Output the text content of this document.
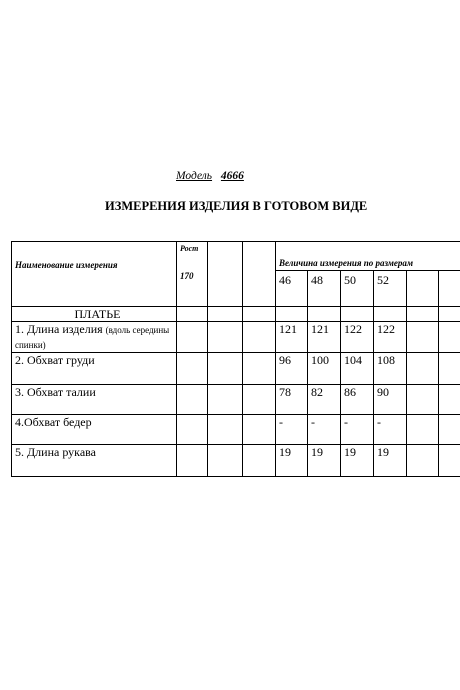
Модель 4666
ИЗМЕРЕНИЯ ИЗДЕЛИЯ В ГОТОВОМ ВИДЕ
Наименование измерения	Рост
170			Величина измерения по размерам					
				46	48	50	52		
ПЛАТЬЕ									
1. Длина изделия (вдоль середины спинки)				121	121	122	122		
2. Обхват груди				96	100	104	108		
3. Обхват талии				78	82	86	90		
4.Обхват бедер				-	-	-	-		
5. Длина рукава				19	19	19	19		
